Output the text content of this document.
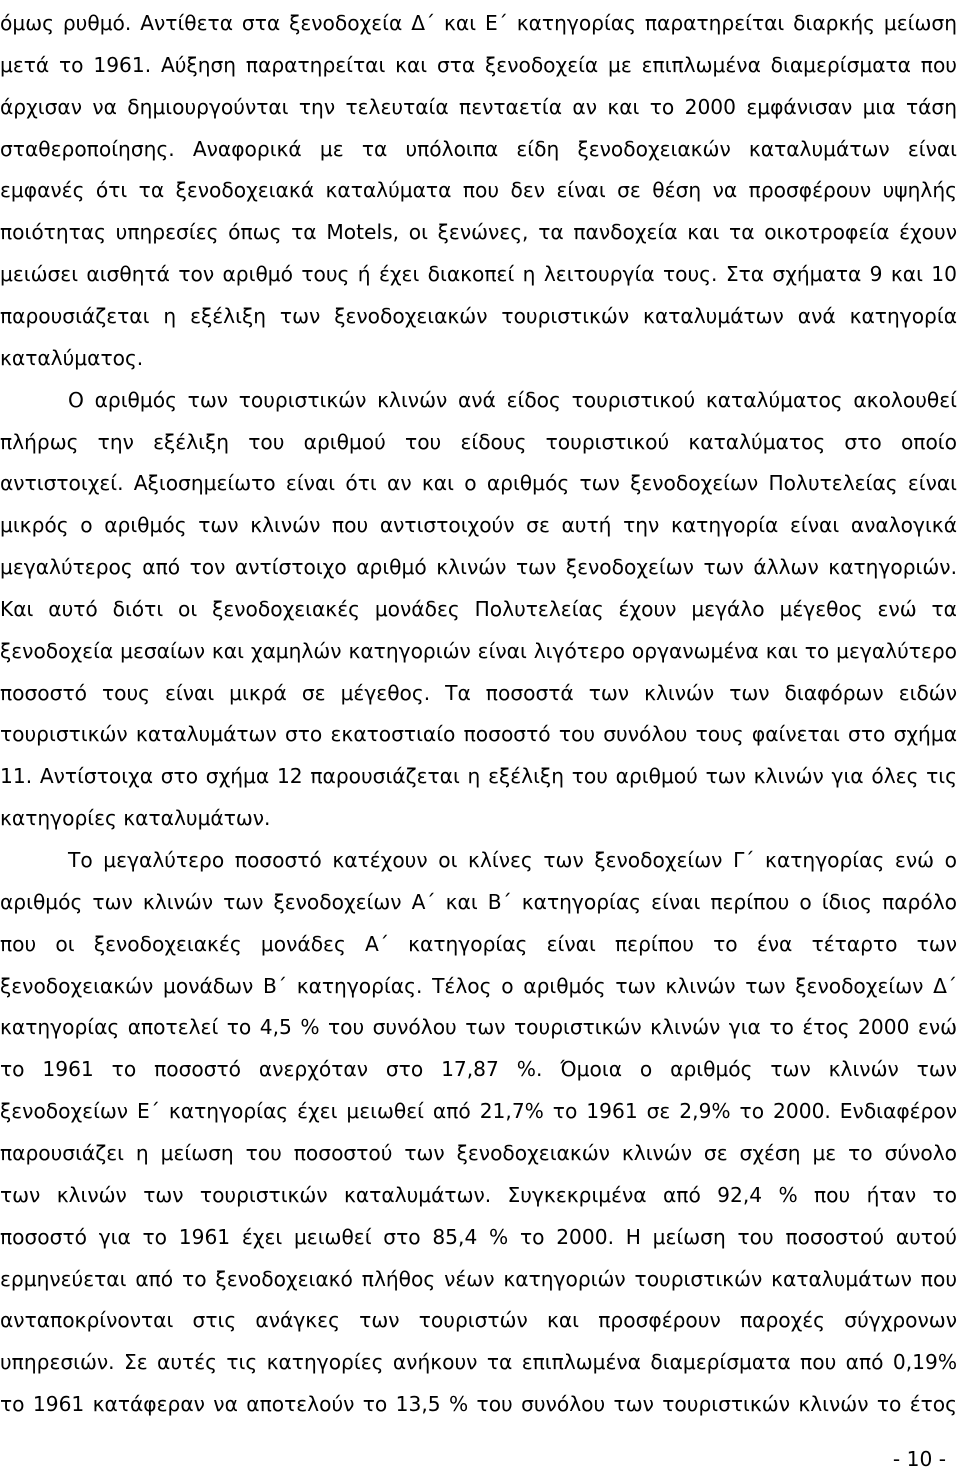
όμως ρυθμό. Αντίθετα στα ξενοδοχεία Δ΄ και Ε΄ κατηγορίας παρατηρείται διαρκής μείωση
μετά το 1961. Αύξηση παρατηρείται και στα ξενοδοχεία με επιπλωμένα διαμερίσματα που
άρχισαν να δημιουργούνται την τελευταία πενταετία αν και το 2000 εμφάνισαν μια τάση
σταθεροποίησης. Αναφορικά με τα υπόλοιπα είδη ξενοδοχειακών καταλυμάτων είναι
εμφανές ότι τα ξενοδοχειακά καταλύματα που δεν είναι σε θέση να προσφέρουν υψηλής
ποιότητας υπηρεσίες όπως τα Motels, οι ξενώνες, τα πανδοχεία και τα οικοτροφεία έχουν
μειώσει αισθητά τον αριθμό τους ή έχει διακοπεί η λειτουργία τους. Στα σχήματα 9 και 10
παρουσιάζεται η εξέλιξη των ξενοδοχειακών τουριστικών καταλυμάτων ανά κατηγορία
καταλύματος.
Ο αριθμός των τουριστικών κλινών ανά είδος τουριστικού καταλύματος ακολουθεί
πλήρως την εξέλιξη του αριθμού του είδους τουριστικού καταλύματος στο οποίο
αντιστοιχεί. Αξιοσημείωτο είναι ότι αν και ο αριθμός των ξενοδοχείων Πολυτελείας είναι
μικρός ο αριθμός των κλινών που αντιστοιχούν σε αυτή την κατηγορία είναι αναλογικά
μεγαλύτερος από τον αντίστοιχο αριθμό κλινών των ξενοδοχείων των άλλων κατηγοριών.
Και αυτό διότι οι ξενοδοχειακές μονάδες Πολυτελείας έχουν μεγάλο μέγεθος ενώ τα
ξενοδοχεία μεσαίων και χαμηλών κατηγοριών είναι λιγότερο οργανωμένα και το μεγαλύτερο
ποσοστό τους είναι μικρά σε μέγεθος. Τα ποσοστά των κλινών των διαφόρων ειδών
τουριστικών καταλυμάτων στο εκατοστιαίο ποσοστό του συνόλου τους φαίνεται στο σχήμα
11. Αντίστοιχα στο σχήμα 12 παρουσιάζεται η εξέλιξη του αριθμού των κλινών για όλες τις
κατηγορίες καταλυμάτων.
Το μεγαλύτερο ποσοστό κατέχουν οι κλίνες των ξενοδοχείων Γ΄ κατηγορίας ενώ ο
αριθμός των κλινών των ξενοδοχείων Α΄ και Β΄ κατηγορίας είναι περίπου ο ίδιος παρόλο
που οι ξενοδοχειακές μονάδες Α΄ κατηγορίας είναι περίπου το ένα τέταρτο των
ξενοδοχειακών μονάδων Β΄ κατηγορίας. Τέλος ο αριθμός των κλινών των ξενοδοχείων Δ΄
κατηγορίας αποτελεί το 4,5 % του συνόλου των τουριστικών κλινών για το έτος 2000 ενώ
το 1961 το ποσοστό ανερχόταν στο 17,87 %. Όμοια ο αριθμός των κλινών των
ξενοδοχείων Ε΄ κατηγορίας έχει μειωθεί από 21,7% το 1961 σε 2,9% το 2000. Ενδιαφέρον
παρουσιάζει η μείωση του ποσοστού των ξενοδοχειακών κλινών σε σχέση με το σύνολο
των κλινών των τουριστικών καταλυμάτων. Συγκεκριμένα από 92,4 % που ήταν το
ποσοστό για το 1961 έχει μειωθεί στο 85,4 % το 2000. Η μείωση του ποσοστού αυτού
ερμηνεύεται από το ξενοδοχειακό πλήθος νέων κατηγοριών τουριστικών καταλυμάτων που
ανταποκρίνονται στις ανάγκες των τουριστών και προσφέρουν παροχές σύγχρονων
υπηρεσιών. Σε αυτές τις κατηγορίες ανήκουν τα επιπλωμένα διαμερίσματα που από 0,19%
το 1961 κατάφεραν να αποτελούν το 13,5 % του συνόλου των τουριστικών κλινών το έτος
- 10 -
